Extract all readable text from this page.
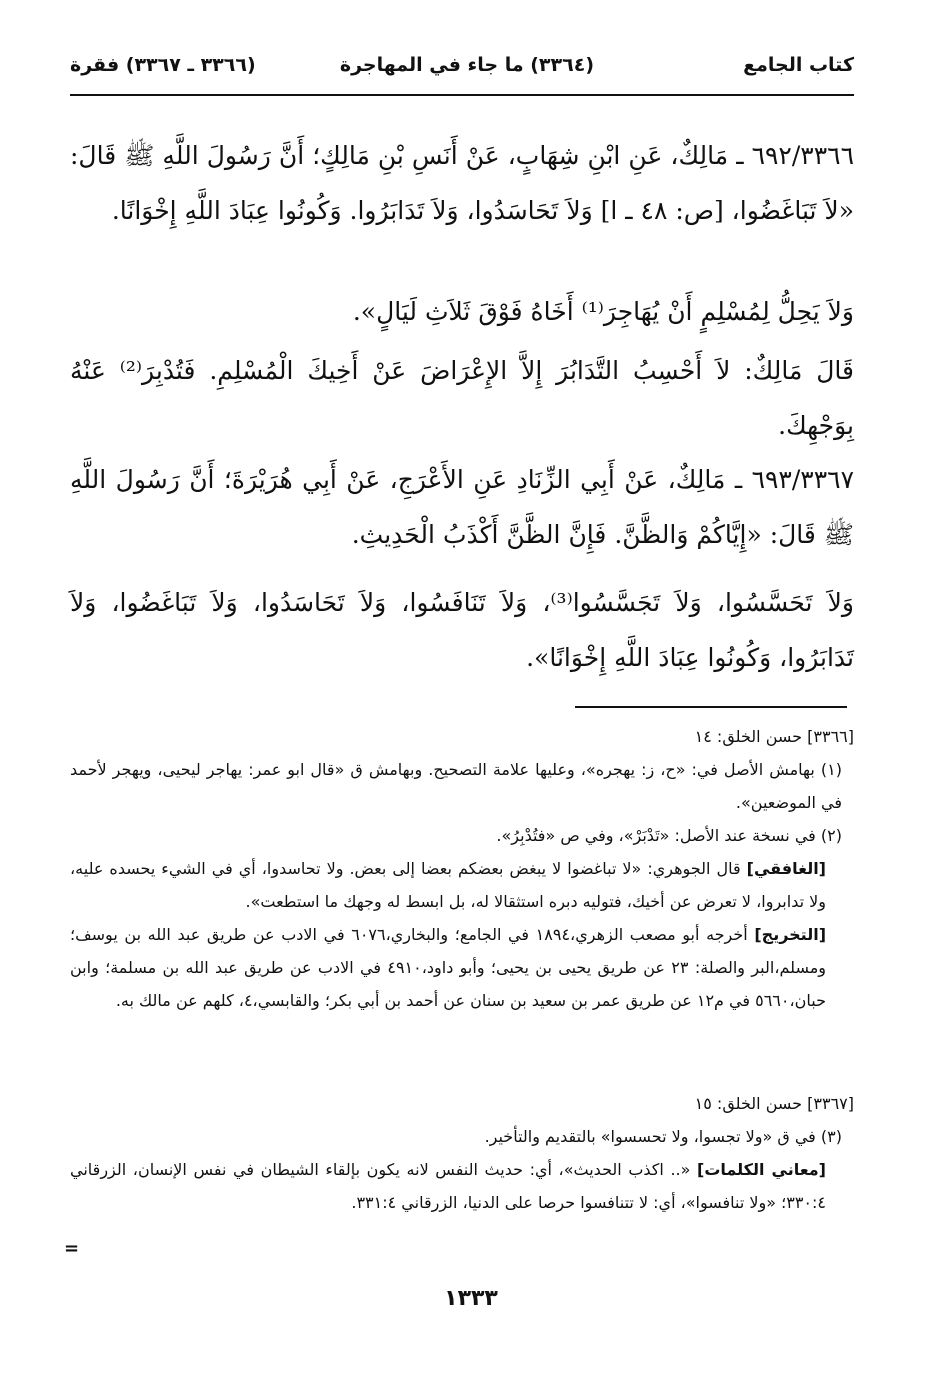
كتاب الجامع
(٣٣٦٤) ما جاء في المهاجرة
(٣٣٦٦ ـ ٣٣٦٧) فقرة

٦٩٢/٣٣٦٦ ـ مَالِكٌ، عَنِ ابْنِ شِهَابٍ، عَنْ أَنَسِ بْنِ مَالِكٍ؛ أَنَّ رَسُولَ اللَّهِ ﷺ قَالَ: «لاَ تَبَاغَضُوا، [ص: ٤٨ ـ ا] وَلاَ تَحَاسَدُوا، وَلاَ تَدَابَرُوا. وَكُونُوا عِبَادَ اللَّهِ إِخْوَانًا.

وَلاَ يَحِلُّ لِمُسْلِمٍ أَنْ يُهَاجِرَ⁽¹⁾ أَخَاهُ فَوْقَ ثَلاَثِ لَيَالٍ».

قَالَ مَالِكٌ: لاَ أَحْسِبُ التَّدَابُرَ إِلاَّ الإِعْرَاضَ عَنْ أَخِيكَ الْمُسْلِمِ. فَتُدْبِرَ⁽²⁾ عَنْهُ بِوَجْهِكَ.

٦٩٣/٣٣٦٧ ـ مَالِكٌ، عَنْ أَبِي الزِّنَادِ عَنِ الأَعْرَجِ، عَنْ أَبِي هُرَيْرَةَ؛ أَنَّ رَسُولَ اللَّهِ ﷺ قَالَ: «إِيَّاكُمْ وَالظَّنَّ. فَإِنَّ الظَّنَّ أَكْذَبُ الْحَدِيثِ.

وَلاَ تَحَسَّسُوا، وَلاَ تَجَسَّسُوا⁽³⁾، وَلاَ تَنَافَسُوا، وَلاَ تَحَاسَدُوا، وَلاَ تَبَاغَضُوا، وَلاَ تَدَابَرُوا، وَكُونُوا عِبَادَ اللَّهِ إِخْوَانًا».

[٣٣٦٦] حسن الخلق: ١٤

(١) بهامش الأصل في: «ح، ز: يهجره»، وعليها علامة التصحيح. وبهامش ق «قال ابو عمر: يهاجر ليحيى، ويهجر لأحمد في الموضعين».

(٢) في نسخة عند الأصل: «تَدْبَرْ»، وفي ص «فتُدْبِرُ».

[الغافقي] قال الجوهري: «لا تباغضوا لا يبغض بعضكم بعضا إلى بعض. ولا تحاسدوا، أي في الشيء يحسده عليه، ولا تدابروا، لا تعرض عن أخيك، فتوليه دبره استثقالا له، بل ابسط له وجهك ما استطعت».

[التخريج] أخرجه أبو مصعب الزهري،١٨٩٤ في الجامع؛ والبخاري،٦٠٧٦ في الادب عن طريق عبد الله بن يوسف؛ ومسلم،البر والصلة: ٢٣ عن طريق يحيى بن يحيى؛ وأبو داود،٤٩١٠ في الادب عن طريق عبد الله بن مسلمة؛ وابن حبان،٥٦٦٠ في م١٢ عن طريق عمر بن سعيد بن سنان عن أحمد بن أبي بكر؛ والقابسي،٤، كلهم عن مالك به.

[٣٣٦٧] حسن الخلق: ١٥

(٣) في ق «ولا تجسوا، ولا تحسسوا» بالتقديم والتأخير.

[معاني الكلمات] «.. اكذب الحديث»، أي: حديث النفس لانه يكون بإلقاء الشيطان في نفس الإنسان، الزرقاني ٣٣٠:٤؛ «ولا تنافسوا»، أي: لا تتنافسوا حرصا على الدنيا، الزرقاني ٣٣١:٤.

=
١٣٣٣
